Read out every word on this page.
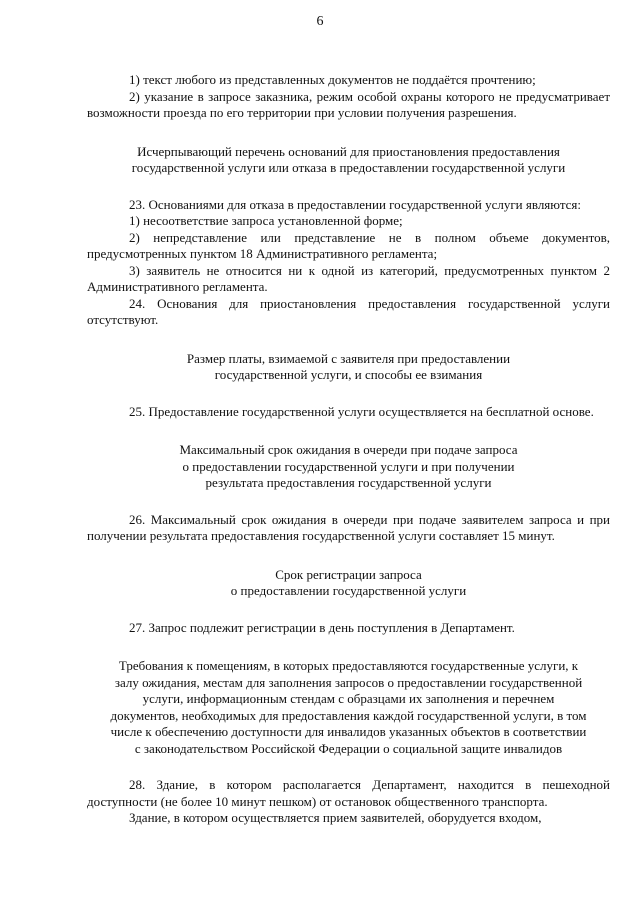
6

1) текст любого из представленных документов не поддаётся прочтению;

2) указание в запросе заказника, режим особой охраны которого не предусматривает возможности проезда по его территории при условии получения разрешения.

Исчерпывающий перечень оснований для приостановления предоставления
государственной услуги или отказа в предоставлении государственной услуги

23. Основаниями для отказа в предоставлении государственной услуги являются:

1) несоответствие запроса установленной форме;

2) непредставление или представление не в полном объеме документов, предусмотренных пунктом 18 Административного регламента;

3) заявитель не относится ни к одной из категорий, предусмотренных пунктом 2 Административного регламента.

24. Основания для приостановления предоставления государственной услуги отсутствуют.

Размер платы, взимаемой с заявителя при предоставлении
государственной услуги, и способы ее взимания

25. Предоставление государственной услуги осуществляется на бесплатной основе.

Максимальный срок ожидания в очереди при подаче запроса
о предоставлении государственной услуги и при получении
результата предоставления государственной услуги

26. Максимальный срок ожидания в очереди при подаче заявителем запроса и при получении результата предоставления государственной услуги составляет 15 минут.

Срок регистрации запроса
о предоставлении государственной услуги

27. Запрос подлежит регистрации в день поступления в Департамент.

Требования к помещениям, в которых предоставляются государственные услуги, к
залу ожидания, местам для заполнения запросов о предоставлении государственной
услуги, информационным стендам с образцами их заполнения и перечнем
документов, необходимых для предоставления каждой государственной услуги, в том
числе к обеспечению доступности для инвалидов указанных объектов в соответствии
с законодательством Российской Федерации о социальной защите инвалидов

28. Здание, в котором располагается Департамент, находится в пешеходной доступности (не более 10 минут пешком) от остановок общественного транспорта.

Здание, в котором осуществляется прием заявителей, оборудуется входом,
